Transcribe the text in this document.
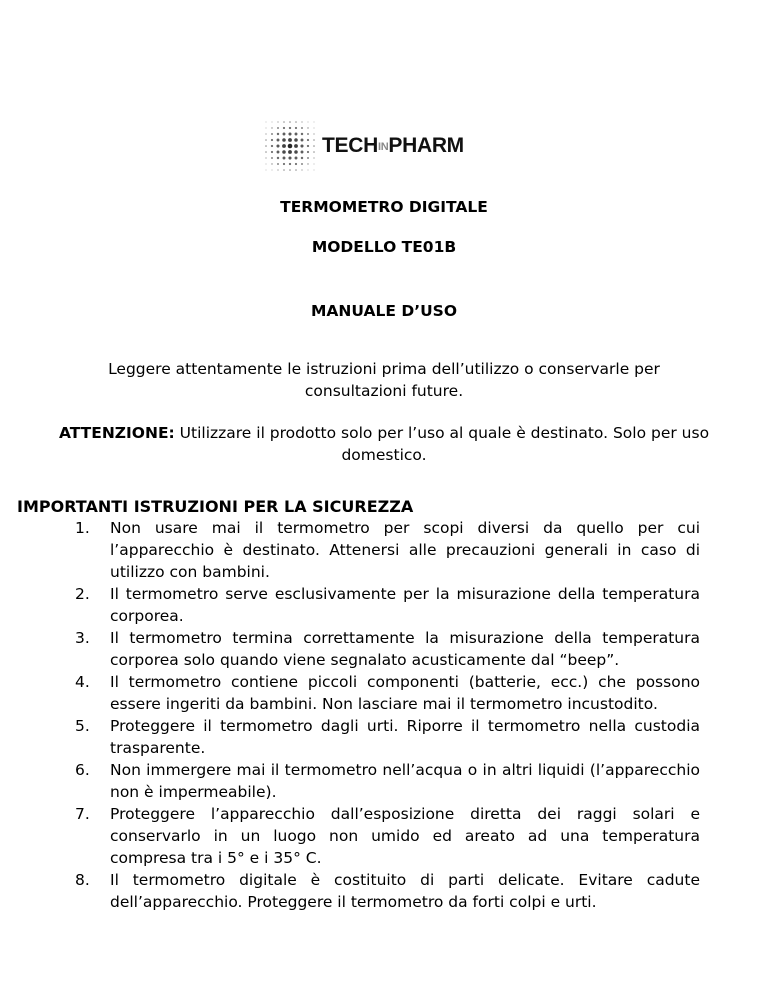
TECHINPHARM
TERMOMETRO DIGITALE
MODELLO TE01B
MANUALE D’USO
Leggere attentamente le istruzioni prima dell’utilizzo o conservarle per consultazioni future.
ATTENZIONE: Utilizzare il prodotto solo per l’uso al quale è destinato. Solo per uso domestico.
IMPORTANTI ISTRUZIONI PER LA SICUREZZA
1. Non usare mai il termometro per scopi diversi da quello per cui l’apparecchio è destinato. Attenersi alle precauzioni generali in caso di utilizzo con bambini.
2. Il termometro serve esclusivamente per la misurazione della temperatura corporea.
3. Il termometro termina correttamente la misurazione della temperatura corporea solo quando viene segnalato acusticamente dal “beep”.
4. Il termometro contiene piccoli componenti (batterie, ecc.) che possono essere ingeriti da bambini. Non lasciare mai il termometro incustodito.
5. Proteggere il termometro dagli urti. Riporre il termometro nella custodia trasparente.
6. Non immergere mai il termometro nell’acqua o in altri liquidi (l’apparecchio non è impermeabile).
7. Proteggere l’apparecchio dall’esposizione diretta dei raggi solari e conservarlo in un luogo non umido ed areato ad una temperatura compresa tra i 5° e i 35° C.
8. Il termometro digitale è costituito di parti delicate. Evitare cadute dell’apparecchio. Proteggere il termometro da forti colpi e urti.
